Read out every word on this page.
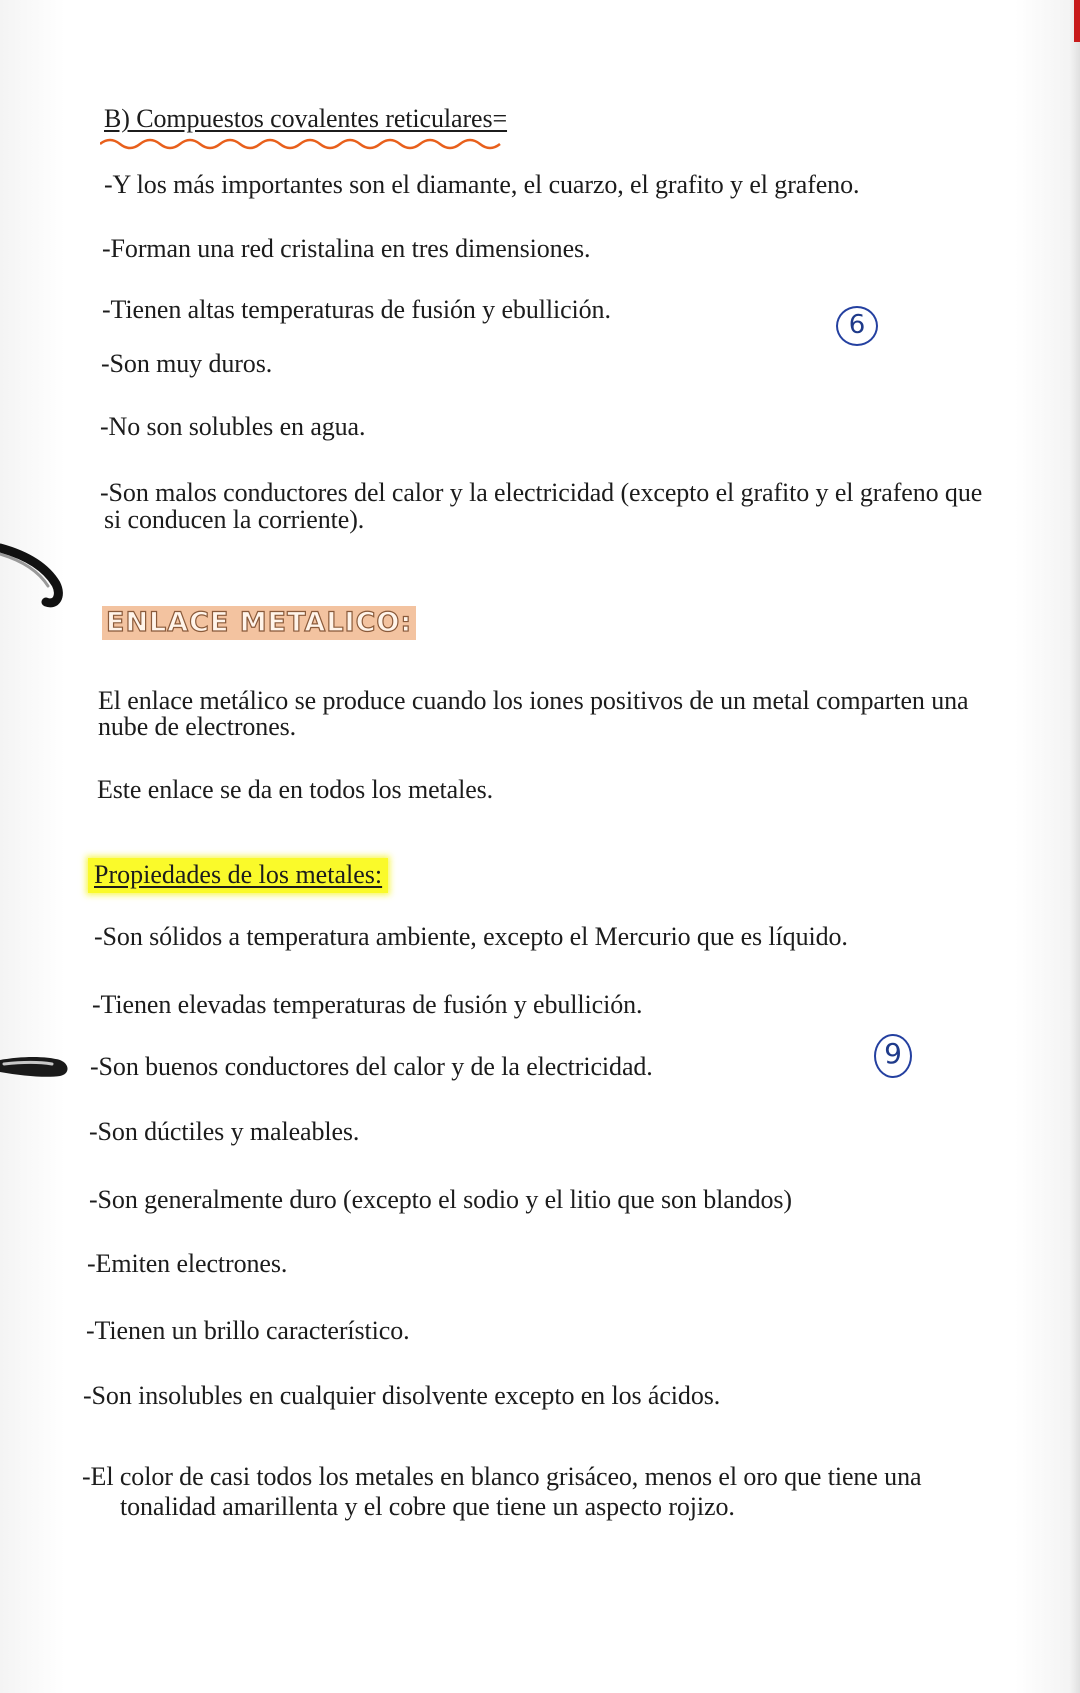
B) Compuestos covalentes reticulares=
-Y los más importantes son el diamante, el cuarzo, el grafito y el grafeno.
-Forman una red cristalina en tres dimensiones.
-Tienen altas temperaturas de fusión y ebullición.
-Son muy duros.
-No son solubles en agua.
-Son malos conductores del calor y la electricidad (excepto el grafito y el grafeno que
si conducen la corriente).
6
ENLACE METALICO:
El enlace metálico se produce cuando los iones positivos de un metal comparten una
nube de electrones.
Este enlace se da en todos los metales.
Propiedades de los metales:
-Son sólidos a temperatura ambiente, excepto el Mercurio que es líquido.
-Tienen elevadas temperaturas de fusión y ebullición.
-Son buenos conductores del calor y de la electricidad.
-Son dúctiles y maleables.
-Son generalmente duro (excepto el sodio y el litio que son blandos)
-Emiten electrones.
-Tienen un brillo característico.
-Son insolubles en cualquier disolvente excepto en los ácidos.
-El color de casi todos los metales en blanco grisáceo, menos el oro que tiene una
tonalidad amarillenta y el cobre que tiene un aspecto rojizo.
9
